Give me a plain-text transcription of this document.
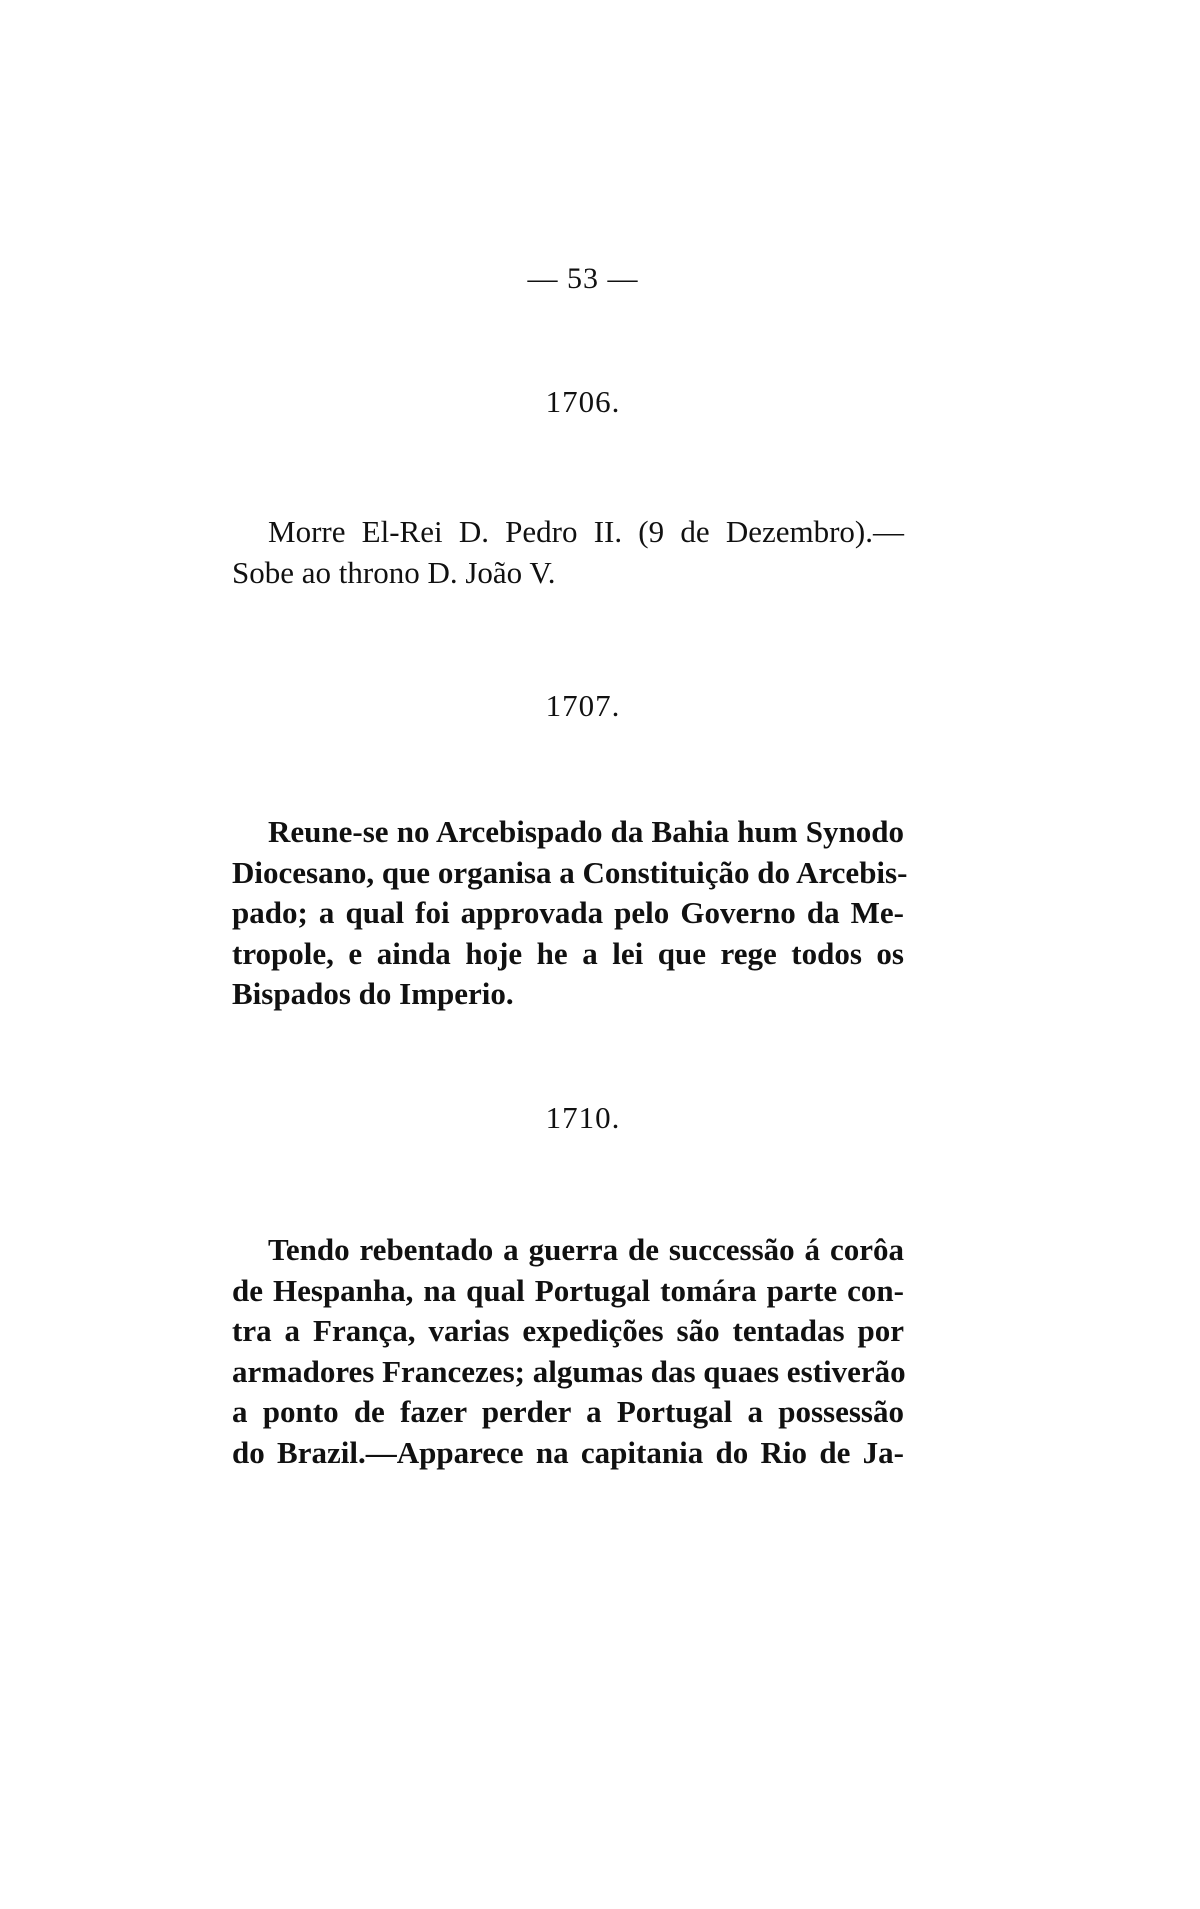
— 53 —
1706.
Morre El-Rei D. Pedro II. (9 de Dezembro).—
Sobe ao throno D. João V.
1707.
Reune-se no Arcebispado da Bahia hum Synodo
Diocesano, que organisa a Constituição do Arcebis-
pado; a qual foi approvada pelo Governo da Me-
tropole, e ainda hoje he a lei que rege todos os
Bispados do Imperio.
1710.
Tendo rebentado a guerra de successão á corôa
de Hespanha, na qual Portugal tomára parte con-
tra a França, varias expedições são tentadas por
armadores Francezes; algumas das quaes estiverão
a ponto de fazer perder a Portugal a possessão
do Brazil.—Apparece na capitania do Rio de Ja-
